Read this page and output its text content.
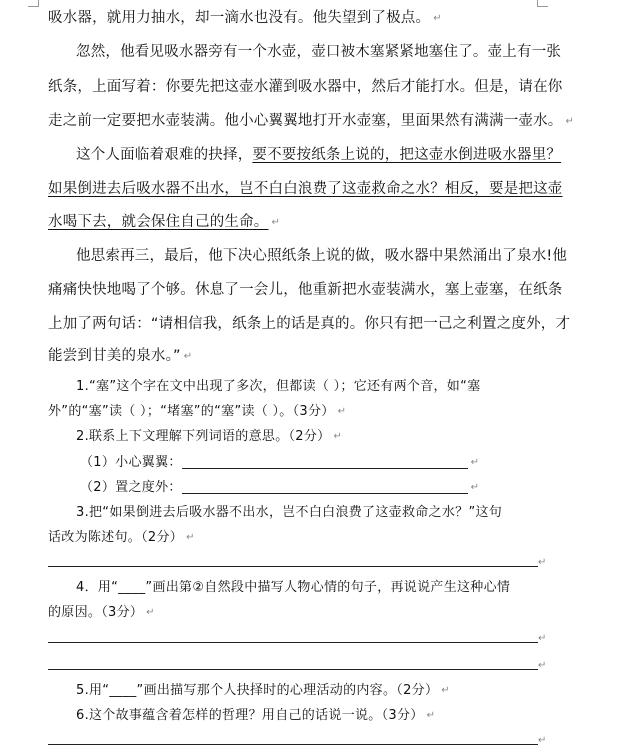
吸水器，就用力抽水，却一滴水也没有。他失望到了极点。 ↵
忽然，他看见吸水器旁有一个水壶，壶口被木塞紧紧地塞住了。壶上有一张
纸条，上面写着：你要先把这壶水灌到吸水器中，然后才能打水。但是，请在你
走之前一定要把水壶装满。他小心翼翼地打开水壶塞，里面果然有满满一壶水。 ↵
这个人面临着艰难的抉择，要不要按纸条上说的，把这壶水倒进吸水器里？
如果倒进去后吸水器不出水，岂不白白浪费了这壶救命之水？相反，要是把这壶
水喝下去，就会保住自己的生命。 ↵
他思索再三，最后，他下决心照纸条上说的做，吸水器中果然涌出了泉水!他
痛痛快快地喝了个够。休息了一会儿，他重新把水壶装满水，塞上壶塞，在纸条
上加了两句话：“请相信我，纸条上的话是真的。你只有把一己之利置之度外，才
能尝到甘美的泉水。” ↵
1.“塞”这个字在文中出现了多次，但都读（ ）；它还有两个音，如“塞
外”的“塞”读（ ）；“堵塞”的“塞”读（ ）。（3分） ↵
2.联系上下文理解下列词语的意思。（2分） ↵
（1）小心翼翼：	↵
（2）置之度外：	↵
3.把“如果倒进去后吸水器不出水，岂不白白浪费了这壶救命之水？”这句
话改为陈述句。（2分） ↵
↵
4．用“____”画出第②自然段中描写人物心情的句子，再说说产生这种心情
的原因。（3分） ↵
↵
↵
5.用“____”画出描写那个人抉择时的心理活动的内容。（2分） ↵
6.这个故事蕴含着怎样的哲理？用自己的话说一说。（3分） ↵
↵
